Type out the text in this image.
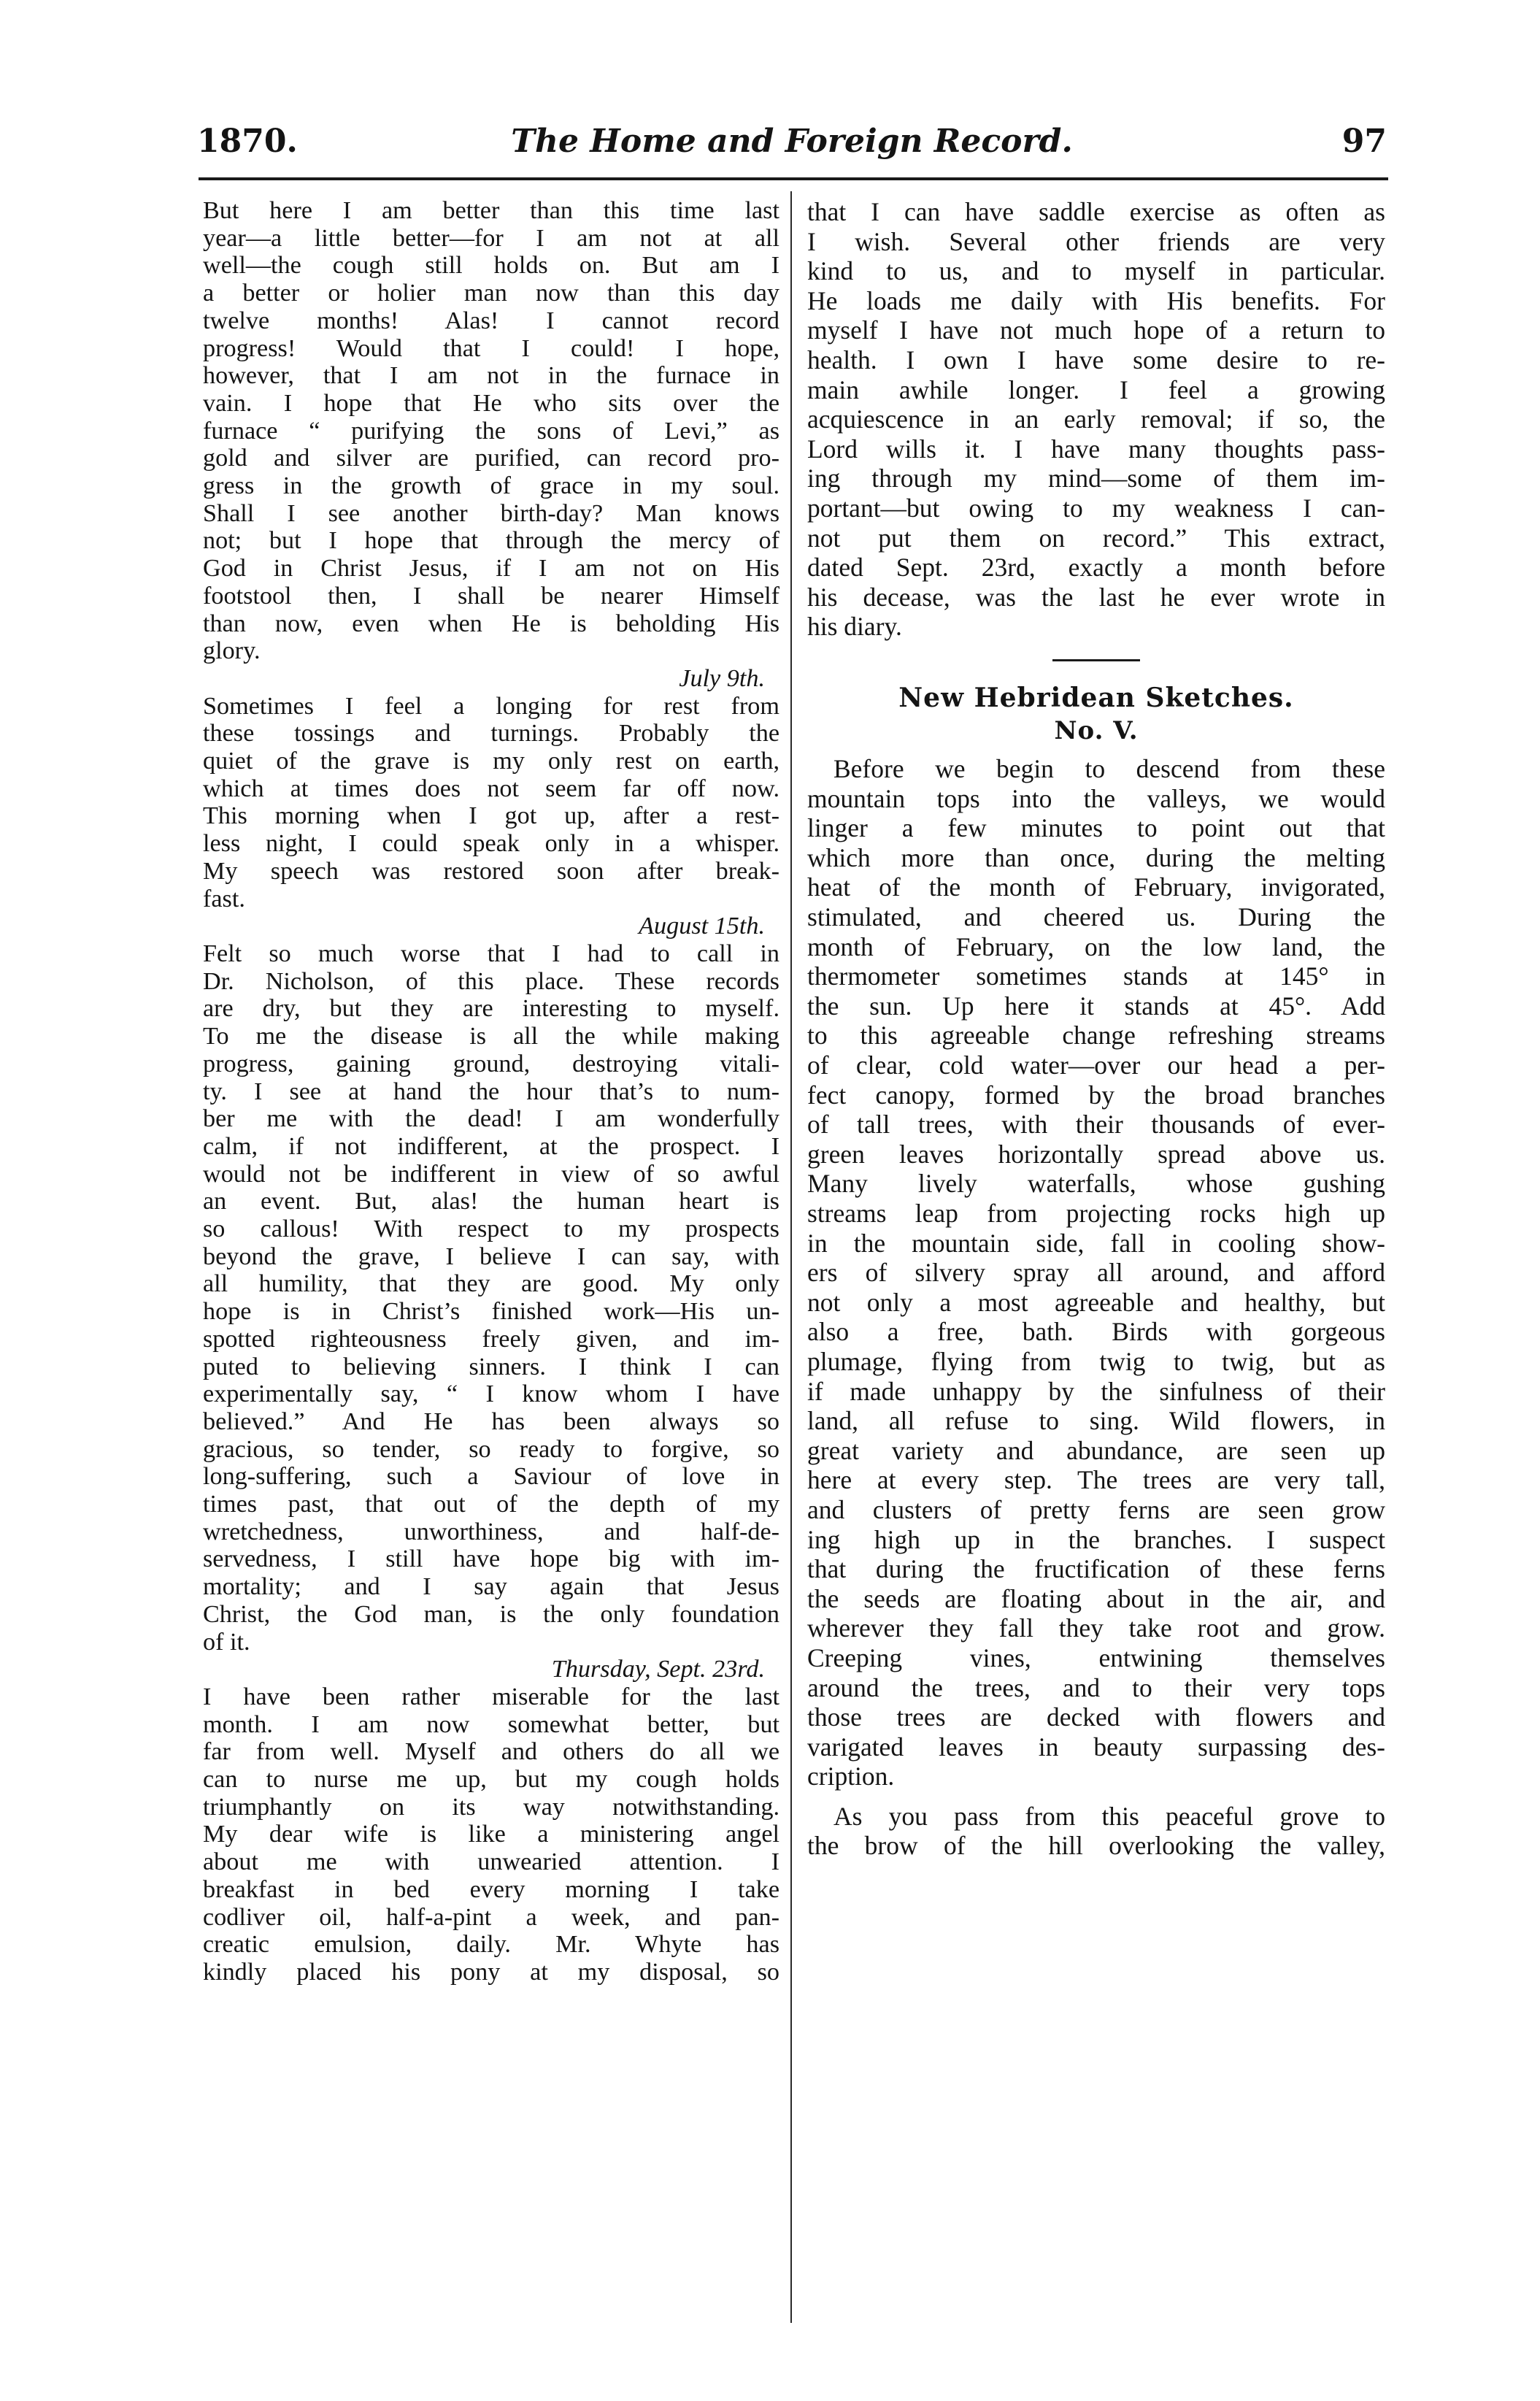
1870.	The Home and Foreign Record.	97
But here I am better than this time last
year—a little better—for I am not at all
well—the cough still holds on. But am I
a better or holier man now than this day
twelve months! Alas! I cannot record
progress! Would that I could! I hope,
however, that I am not in the furnace in
vain. I hope that He who sits over the
furnace “ purifying the sons of Levi,” as
gold and silver are purified, can record pro-
gress in the growth of grace in my soul.
Shall I see another birth-day? Man knows
not; but I hope that through the mercy of
God in Christ Jesus, if I am not on His
footstool then, I shall be nearer Himself
than now, even when He is beholding His
glory.
July 9th.
Sometimes I feel a longing for rest from
these tossings and turnings. Probably the
quiet of the grave is my only rest on earth,
which at times does not seem far off now.
This morning when I got up, after a rest-
less night, I could speak only in a whisper.
My speech was restored soon after break-
fast.
August 15th.
Felt so much worse that I had to call in
Dr. Nicholson, of this place. These records
are dry, but they are interesting to myself.
To me the disease is all the while making
progress, gaining ground, destroying vitali-
ty. I see at hand the hour that’s to num-
ber me with the dead! I am wonderfully
calm, if not indifferent, at the prospect. I
would not be indifferent in view of so awful
an event. But, alas! the human heart is
so callous! With respect to my prospects
beyond the grave, I believe I can say, with
all humility, that they are good. My only
hope is in Christ’s finished work—His un-
spotted righteousness freely given, and im-
puted to believing sinners. I think I can
experimentally say, “ I know whom I have
believed.” And He has been always so
gracious, so tender, so ready to forgive, so
long-suffering, such a Saviour of love in
times past, that out of the depth of my
wretchedness, unworthiness, and half-de-
servedness, I still have hope big with im-
mortality; and I say again that Jesus
Christ, the God man, is the only foundation
of it.
Thursday, Sept. 23rd.
I have been rather miserable for the last
month. I am now somewhat better, but
far from well. Myself and others do all we
can to nurse me up, but my cough holds
triumphantly on its way notwithstanding.
My dear wife is like a ministering angel
about me with unwearied attention. I
breakfast in bed every morning I take
codliver oil, half-a-pint a week, and pan-
creatic emulsion, daily. Mr. Whyte has
kindly placed his pony at my disposal, so
that I can have saddle exercise as often as
I wish. Several other friends are very
kind to us, and to myself in particular.
He loads me daily with His benefits. For
myself I have not much hope of a return to
health. I own I have some desire to re-
main awhile longer. I feel a growing
acquiescence in an early removal; if so, the
Lord wills it. I have many thoughts pass-
ing through my mind—some of them im-
portant—but owing to my weakness I can-
not put them on record.” This extract,
dated Sept. 23rd, exactly a month before
his decease, was the last he ever wrote in
his diary.
New Hebridean Sketches.
No. V.
Before we begin to descend from these
mountain tops into the valleys, we would
linger a few minutes to point out that
which more than once, during the melting
heat of the month of February, invigorated,
stimulated, and cheered us. During the
month of February, on the low land, the
thermometer sometimes stands at 145° in
the sun. Up here it stands at 45°. Add
to this agreeable change refreshing streams
of clear, cold water—over our head a per-
fect canopy, formed by the broad branches
of tall trees, with their thousands of ever-
green leaves horizontally spread above us.
Many lively waterfalls, whose gushing
streams leap from projecting rocks high up
in the mountain side, fall in cooling show-
ers of silvery spray all around, and afford
not only a most agreeable and healthy, but
also a free, bath. Birds with gorgeous
plumage, flying from twig to twig, but as
if made unhappy by the sinfulness of their
land, all refuse to sing. Wild flowers, in
great variety and abundance, are seen up
here at every step. The trees are very tall,
and clusters of pretty ferns are seen grow
ing high up in the branches. I suspect
that during the fructification of these ferns
the seeds are floating about in the air, and
wherever they fall they take root and grow.
Creeping vines, entwining themselves
around the trees, and to their very tops
those trees are decked with flowers and
varigated leaves in beauty surpassing des-
cription.
As you pass from this peaceful grove to
the brow of the hill overlooking the valley,
